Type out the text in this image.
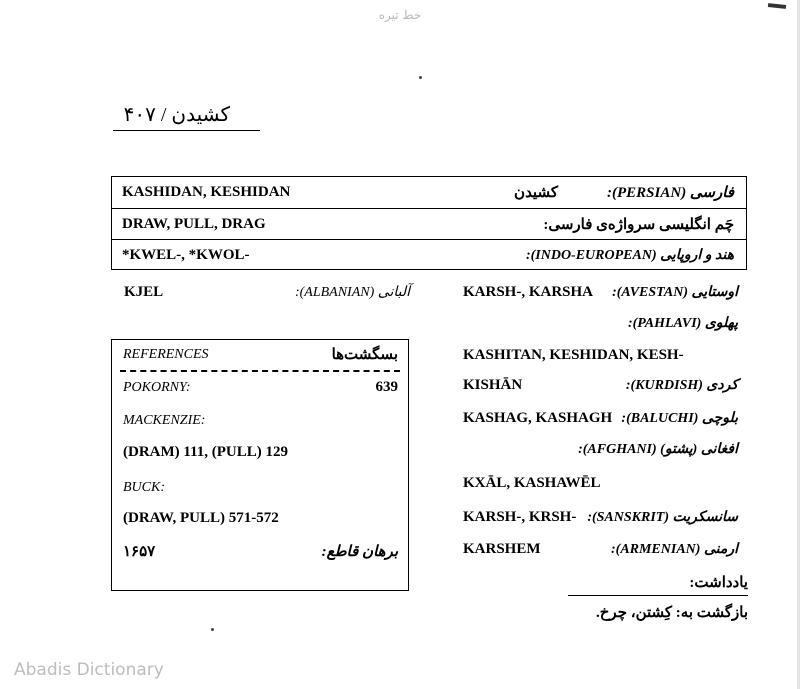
خط تیره
کشیدن / ۴۰۷
KASHIDAN, KESHIDAN	کشیدن	فارسی (PERSIAN):
DRAW, PULL, DRAG	چَم انگلیسی سرواژه‌ی فارسی:
*KWEL-, *KWOL-	هند و اروپایی (INDO-EUROPEAN):
KJEL	آلبانی (ALBANIAN):	KARSH-, KARSHA اوستایی (AVESTAN):
پهلوی (PAHLAVI):
KASHITAN, KESHIDAN, KESH-
KISHĀN	کردی (KURDISH):
KASHAG, KASHAGH بلوچی (BALUCHI):
افغانی (پشتو) (AFGHANI):
KXĀL, KASHAWĒL
KARSH-, KRSH- سانسکریت (SANSKRIT):
KARSHEM	ارمنی (ARMENIAN):
REFERENCES	بسگشت‌ها
POKORNY:	639
MACKENZIE:
(DRAM) 111, (PULL) 129
BUCK:
(DRAW, PULL) 571-572
۱۶۵۷	برهان قاطع:
یادداشت:
بازگشت به: کِشتن، چرخ.
Abadis Dictionary
